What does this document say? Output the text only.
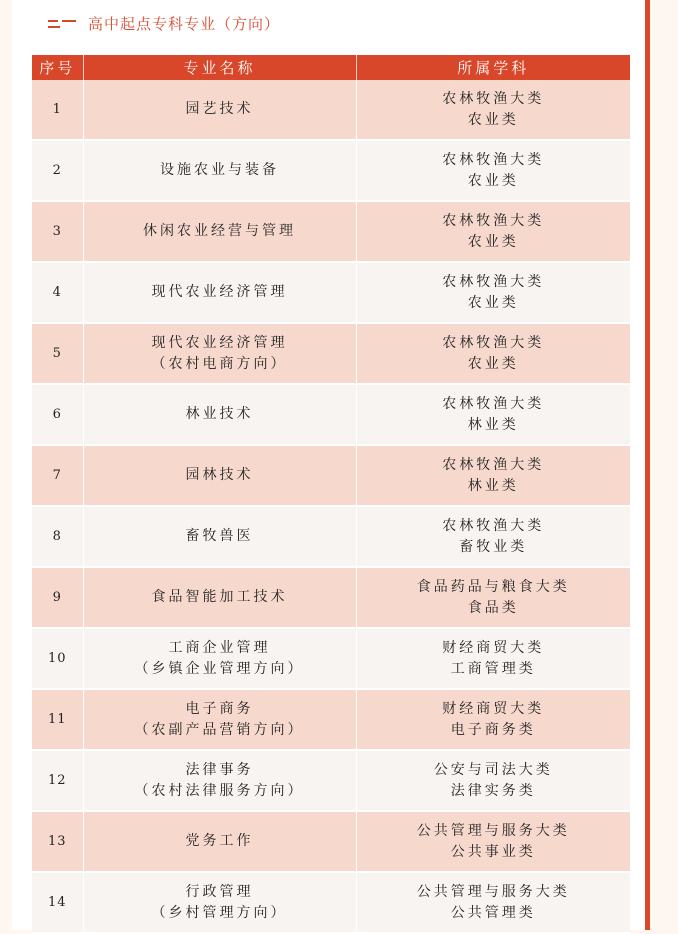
高中起点专科专业（方向）
序号	专业名称	所属学科
1	园艺技术	农林牧渔大类
农业类

2	设施农业与装备	农林牧渔大类
农业类

3	休闲农业经营与管理	农林牧渔大类
农业类

4	现代农业经济管理	农林牧渔大类
农业类

5	现代农业经济管理
（农村电商方向）	农林牧渔大类
农业类

6	林业技术	农林牧渔大类
林业类

7	园林技术	农林牧渔大类
林业类

8	畜牧兽医	农林牧渔大类
畜牧业类

9	食品智能加工技术	食品药品与粮食大类
食品类

10	工商企业管理
（乡镇企业管理方向）	财经商贸大类
工商管理类

11	电子商务
（农副产品营销方向）	财经商贸大类
电子商务类

12	法律事务
（农村法律服务方向）	公安与司法大类
法律实务类

13	党务工作	公共管理与服务大类
公共事业类

14	行政管理
（乡村管理方向）	公共管理与服务大类
公共管理类
